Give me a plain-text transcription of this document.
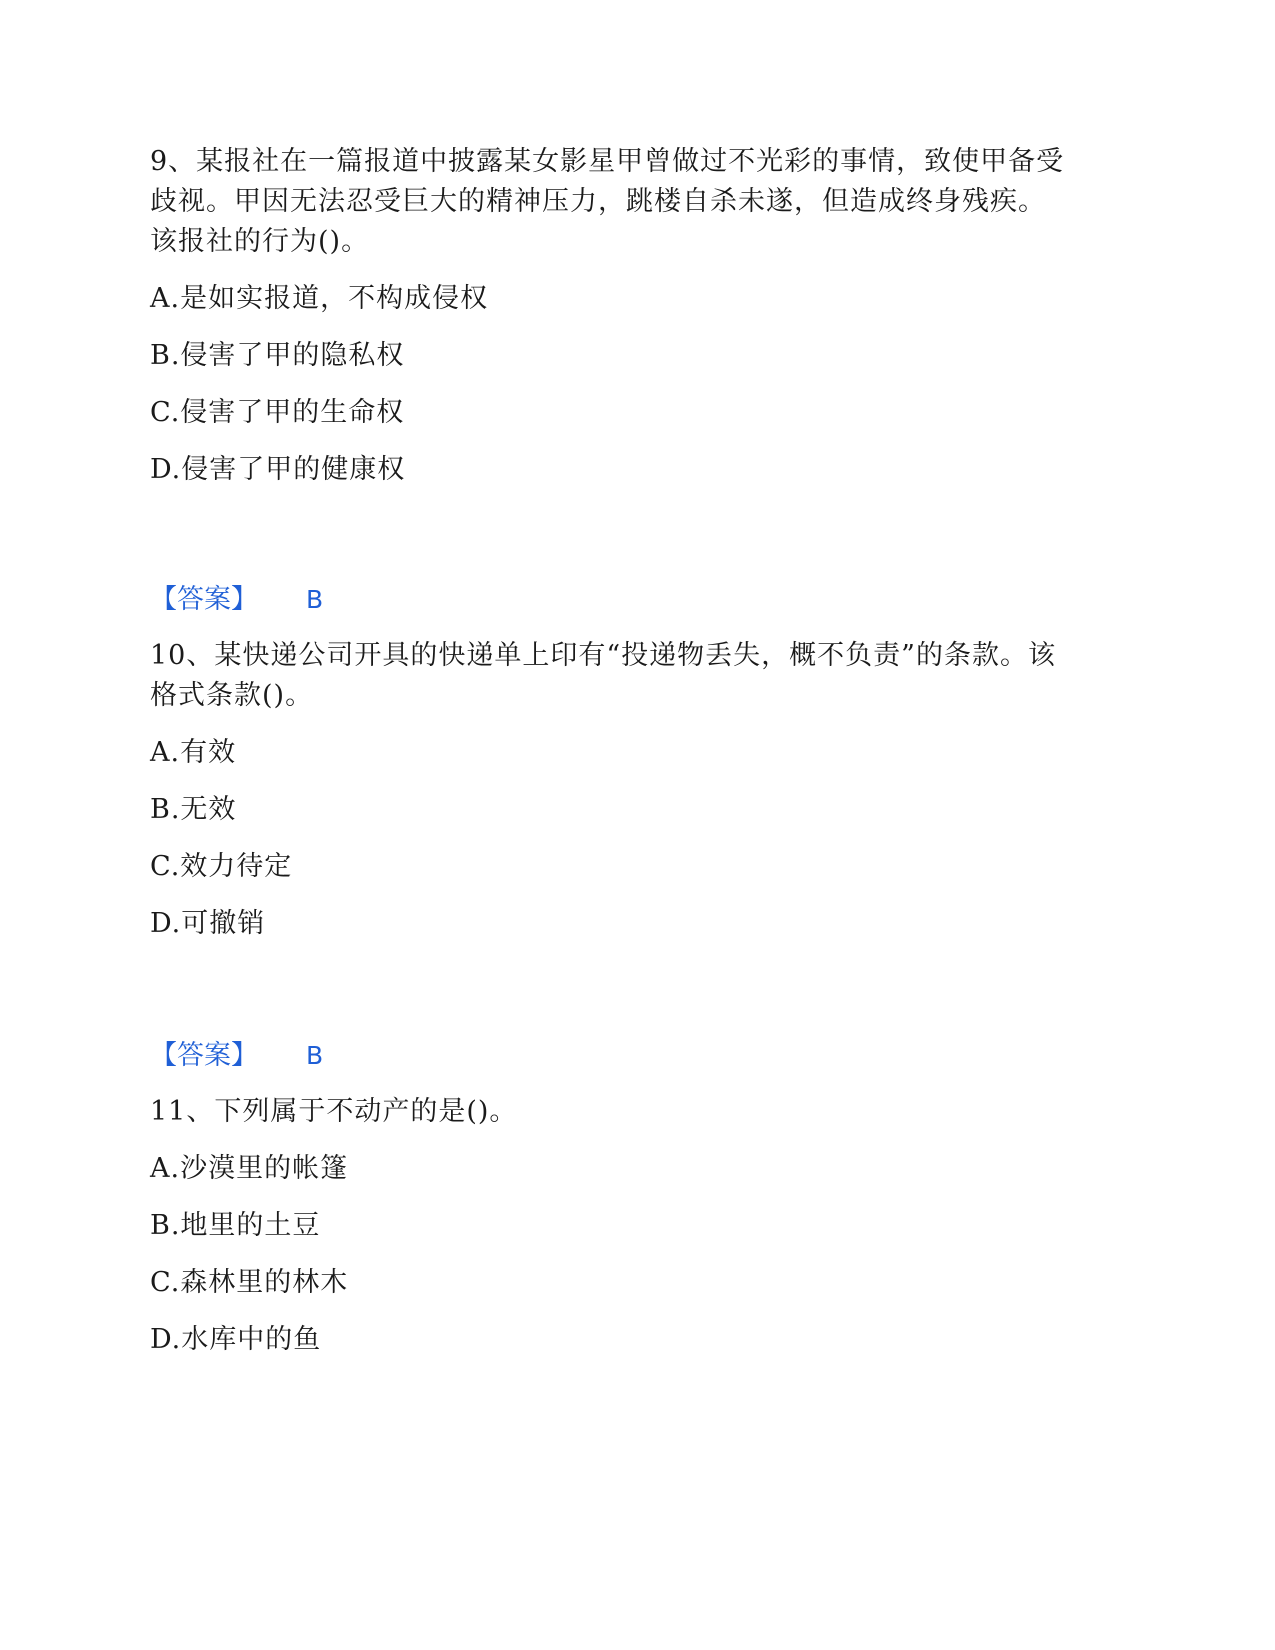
9、某报社在一篇报道中披露某女影星甲曾做过不光彩的事情，致使甲备受歧视。甲因无法忍受巨大的精神压力，跳楼自杀未遂，但造成终身残疾。该报社的行为()。
A.是如实报道，不构成侵权
B.侵害了甲的隐私权
C.侵害了甲的生命权
D.侵害了甲的健康权
【答案】 B
10、某快递公司开具的快递单上印有“投递物丢失，概不负责”的条款。该格式条款()。
A.有效
B.无效
C.效力待定
D.可撤销
【答案】 B
11、下列属于不动产的是()。
A.沙漠里的帐篷
B.地里的土豆
C.森林里的林木
D.水库中的鱼
